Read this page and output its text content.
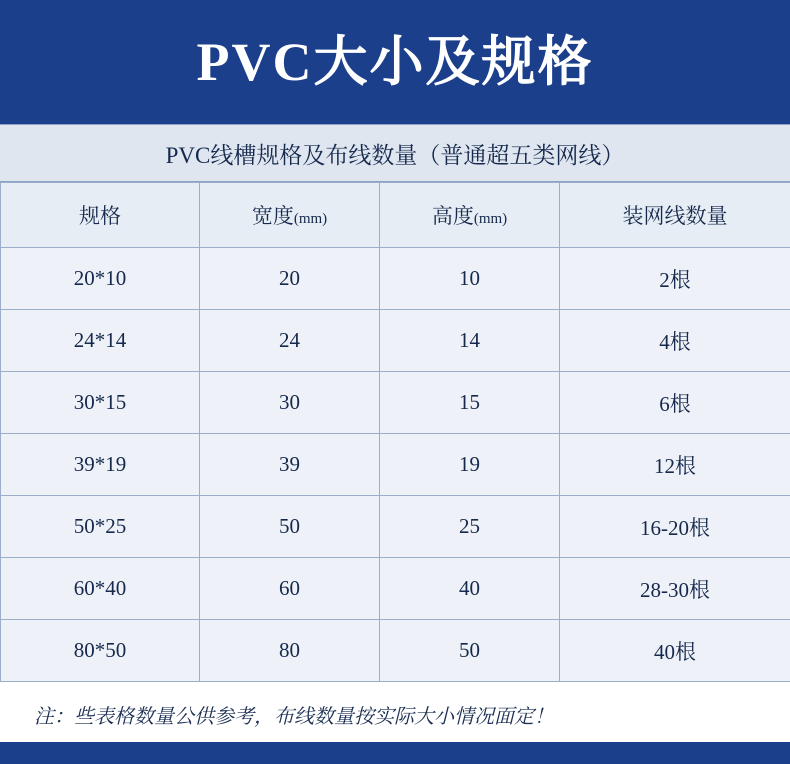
PVC大小及规格
PVC线槽规格及布线数量（普通超五类网线）
规格	宽度(mm)	高度(mm)	装网线数量
20*10	20	10	2根
24*14	24	14	4根
30*15	30	15	6根
39*19	39	19	12根
50*25	50	25	16-20根
60*40	60	40	28-30根
80*50	80	50	40根
注：些表格数量公供参考，布线数量按实际大小情况面定！
